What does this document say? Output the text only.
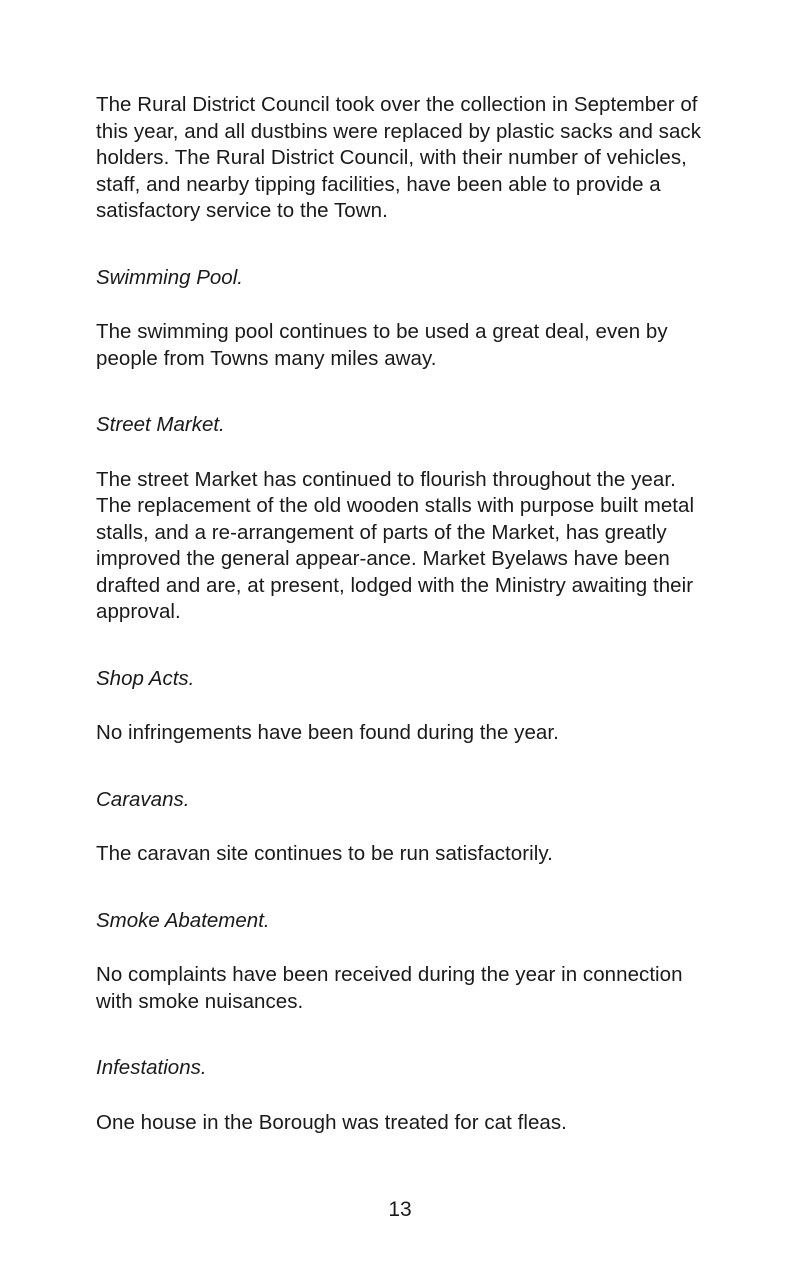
The Rural District Council took over the collection in September of this year, and all dustbins were replaced by plastic sacks and sack holders. The Rural District Council, with their number of vehicles, staff, and nearby tipping facilities, have been able to provide a satisfactory service to the Town.

Swimming Pool.

The swimming pool continues to be used a great deal, even by people from Towns many miles away.

Street Market.

The street Market has continued to flourish throughout the year. The replacement of the old wooden stalls with purpose built metal stalls, and a re-arrangement of parts of the Market, has greatly improved the general appear-ance. Market Byelaws have been drafted and are, at present, lodged with the Ministry awaiting their approval.

Shop Acts.

No infringements have been found during the year.

Caravans.

The caravan site continues to be run satisfactorily.

Smoke Abatement.

No complaints have been received during the year in connection with smoke nuisances.

Infestations.

One house in the Borough was treated for cat fleas.

13
